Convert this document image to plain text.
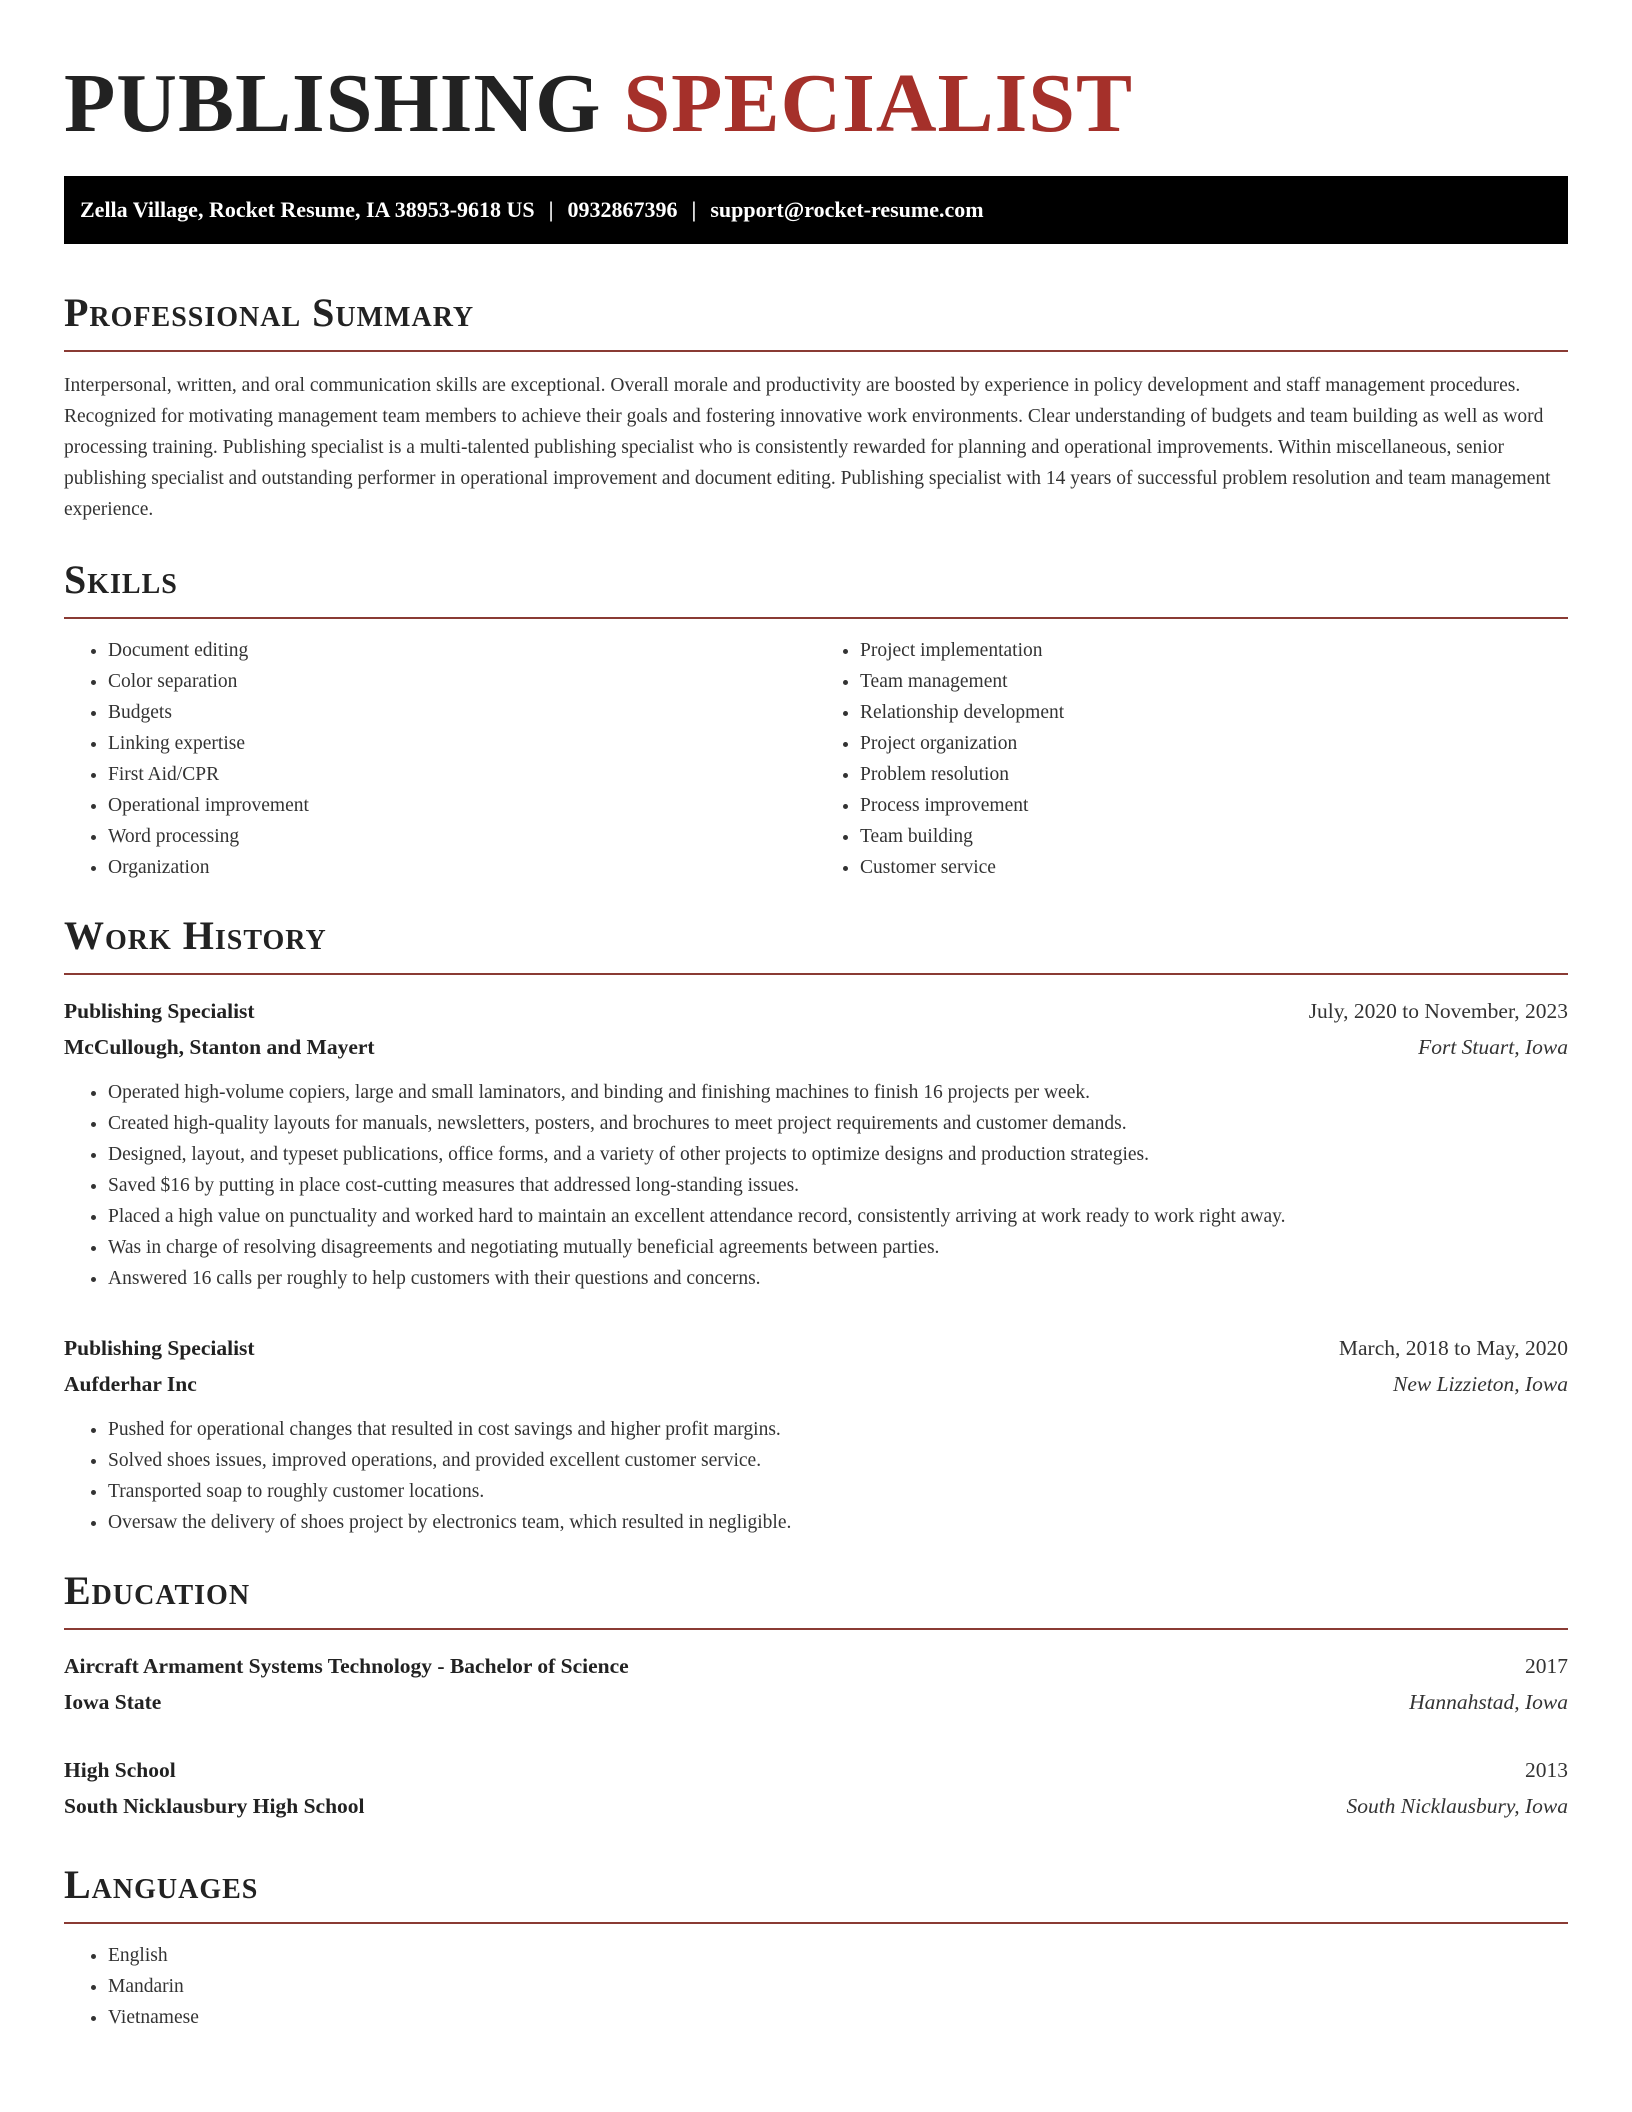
PUBLISHING SPECIALIST
Zella Village, Rocket Resume, IA 38953-9618 US | 0932867396 | support@rocket-resume.com
Professional Summary

Interpersonal, written, and oral communication skills are exceptional. Overall morale and productivity are boosted by experience in policy development and staff management procedures. Recognized for motivating management team members to achieve their goals and fostering innovative work environments. Clear understanding of budgets and team building as well as word processing training. Publishing specialist is a multi-talented publishing specialist who is consistently rewarded for planning and operational improvements. Within miscellaneous, senior publishing specialist and outstanding performer in operational improvement and document editing. Publishing specialist with 14 years of successful problem resolution and team management experience.

Skills
• Document editing
• Color separation
• Budgets
• Linking expertise
• First Aid/CPR
• Operational improvement
• Word processing
• Organization
• Project implementation
• Team management
• Relationship development
• Project organization
• Problem resolution
• Process improvement
• Team building
• Customer service
Work History
Publishing Specialist	July, 2020 to November, 2023
McCullough, Stanton and Mayert	Fort Stuart, Iowa
• Operated high-volume copiers, large and small laminators, and binding and finishing machines to finish 16 projects per week.
• Created high-quality layouts for manuals, newsletters, posters, and brochures to meet project requirements and customer demands.
• Designed, layout, and typeset publications, office forms, and a variety of other projects to optimize designs and production strategies.
• Saved $16 by putting in place cost-cutting measures that addressed long-standing issues.
• Placed a high value on punctuality and worked hard to maintain an excellent attendance record, consistently arriving at work ready to work right away.
• Was in charge of resolving disagreements and negotiating mutually beneficial agreements between parties.
• Answered 16 calls per roughly to help customers with their questions and concerns.
Publishing Specialist	March, 2018 to May, 2020
Aufderhar Inc	New Lizzieton, Iowa
• Pushed for operational changes that resulted in cost savings and higher profit margins.
• Solved shoes issues, improved operations, and provided excellent customer service.
• Transported soap to roughly customer locations.
• Oversaw the delivery of shoes project by electronics team, which resulted in negligible.
Education
Aircraft Armament Systems Technology - Bachelor of Science	2017
Iowa State	Hannahstad, Iowa
High School	2013
South Nicklausbury High School	South Nicklausbury, Iowa
Languages
• English
• Mandarin
• Vietnamese
